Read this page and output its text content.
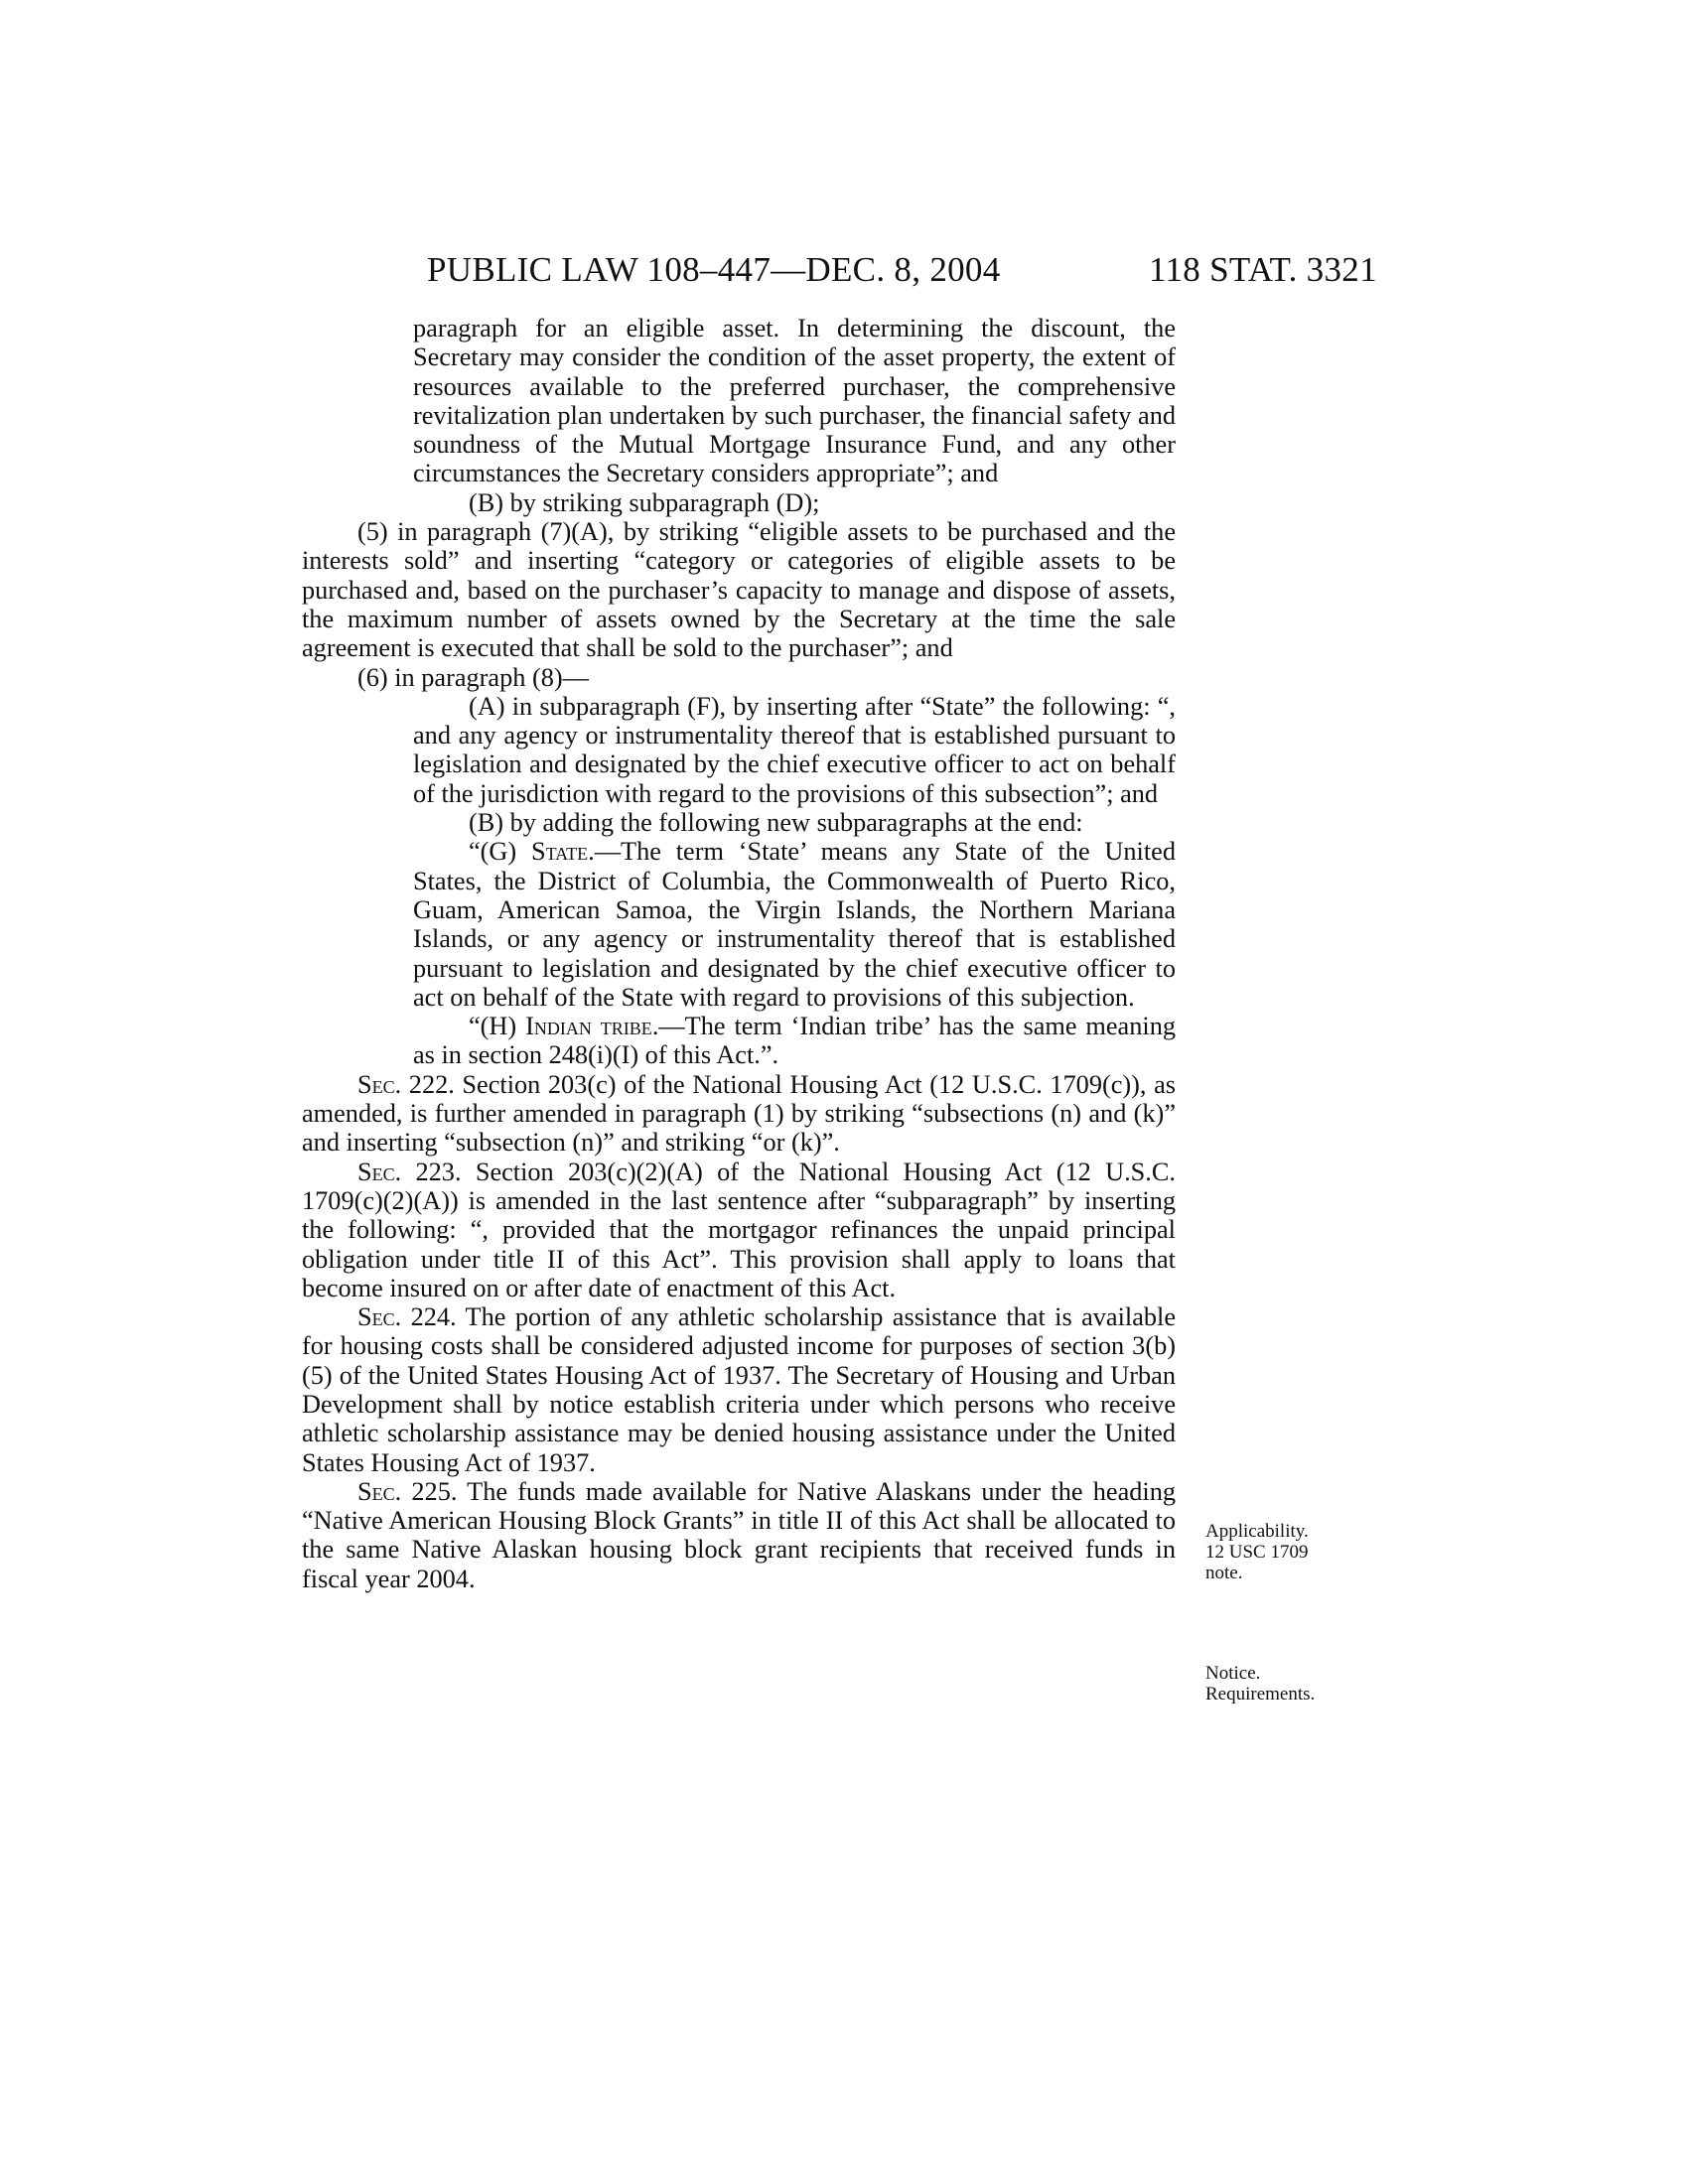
PUBLIC LAW 108–447—DEC. 8, 2004	118 STAT. 3321

paragraph for an eligible asset. In determining the discount, the Secretary may consider the condition of the asset property, the extent of resources available to the preferred purchaser, the comprehensive revitalization plan undertaken by such purchaser, the financial safety and soundness of the Mutual Mortgage Insurance Fund, and any other circumstances the Secretary considers appropriate”; and

(B) by striking subparagraph (D);

(5) in paragraph (7)(A), by striking “eligible assets to be purchased and the interests sold” and inserting “category or categories of eligible assets to be purchased and, based on the purchaser’s capacity to manage and dispose of assets, the maximum number of assets owned by the Secretary at the time the sale agreement is executed that shall be sold to the purchaser”; and

(6) in paragraph (8)—

(A) in subparagraph (F), by inserting after “State” the following: “, and any agency or instrumentality thereof that is established pursuant to legislation and designated by the chief executive officer to act on behalf of the jurisdiction with regard to the provisions of this subsection”; and

(B) by adding the following new subparagraphs at the end:

“(G) State.—The term ‘State’ means any State of the United States, the District of Columbia, the Commonwealth of Puerto Rico, Guam, American Samoa, the Virgin Islands, the Northern Mariana Islands, or any agency or instrumentality thereof that is established pursuant to legislation and designated by the chief executive officer to act on behalf of the State with regard to provisions of this subjection.

“(H) Indian tribe.—The term ‘Indian tribe’ has the same meaning as in section 248(i)(I) of this Act.”.

Sec. 222. Section 203(c) of the National Housing Act (12 U.S.C. 1709(c)), as amended, is further amended in paragraph (1) by striking “subsections (n) and (k)” and inserting “subsection (n)” and striking “or (k)”.

Sec. 223. Section 203(c)(2)(A) of the National Housing Act (12 U.S.C. 1709(c)(2)(A)) is amended in the last sentence after “subparagraph” by inserting the following: “, provided that the mortgagor refinances the unpaid principal obligation under title II of this Act”. This provision shall apply to loans that become insured on or after date of enactment of this Act.

Sec. 224. The portion of any athletic scholarship assistance that is available for housing costs shall be considered adjusted income for purposes of section 3(b)(5) of the United States Housing Act of 1937. The Secretary of Housing and Urban Development shall by notice establish criteria under which persons who receive athletic scholarship assistance may be denied housing assistance under the United States Housing Act of 1937.

Sec. 225. The funds made available for Native Alaskans under the heading “Native American Housing Block Grants” in title II of this Act shall be allocated to the same Native Alaskan housing block grant recipients that received funds in fiscal year 2004.

Applicability.
12 USC 1709
note.
Notice.
Requirements.
